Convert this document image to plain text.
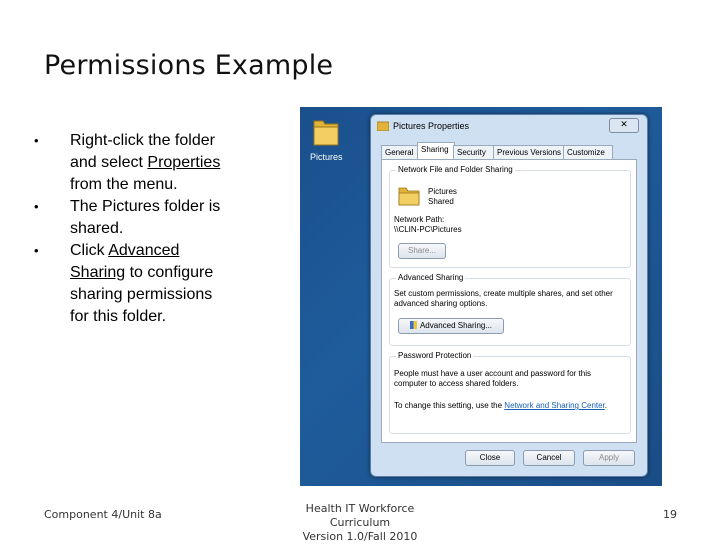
Permissions Example
• Right-click the folder
and select Properties
from the menu.
• The Pictures folder is
shared.
• Click Advanced
Sharing to configure
sharing permissions
for this folder.
Pictures
Pictures Properties	✕
General Sharing	Security	Previous Versions Customize
Network File and Folder Sharing
Pictures
Shared
Network Path:
\\CLIN-PC\Pictures
Share...
Advanced Sharing
Set custom permissions, create multiple shares, and set other advanced sharing options.
Advanced Sharing...
Password Protection
People must have a user account and password for this computer to access shared folders.
To change this setting, use the Network and Sharing Center.
Close	Cancel	Apply
Component 4/Unit 8a	Health IT Workforce Curriculum
Version 1.0/Fall 2010
19
